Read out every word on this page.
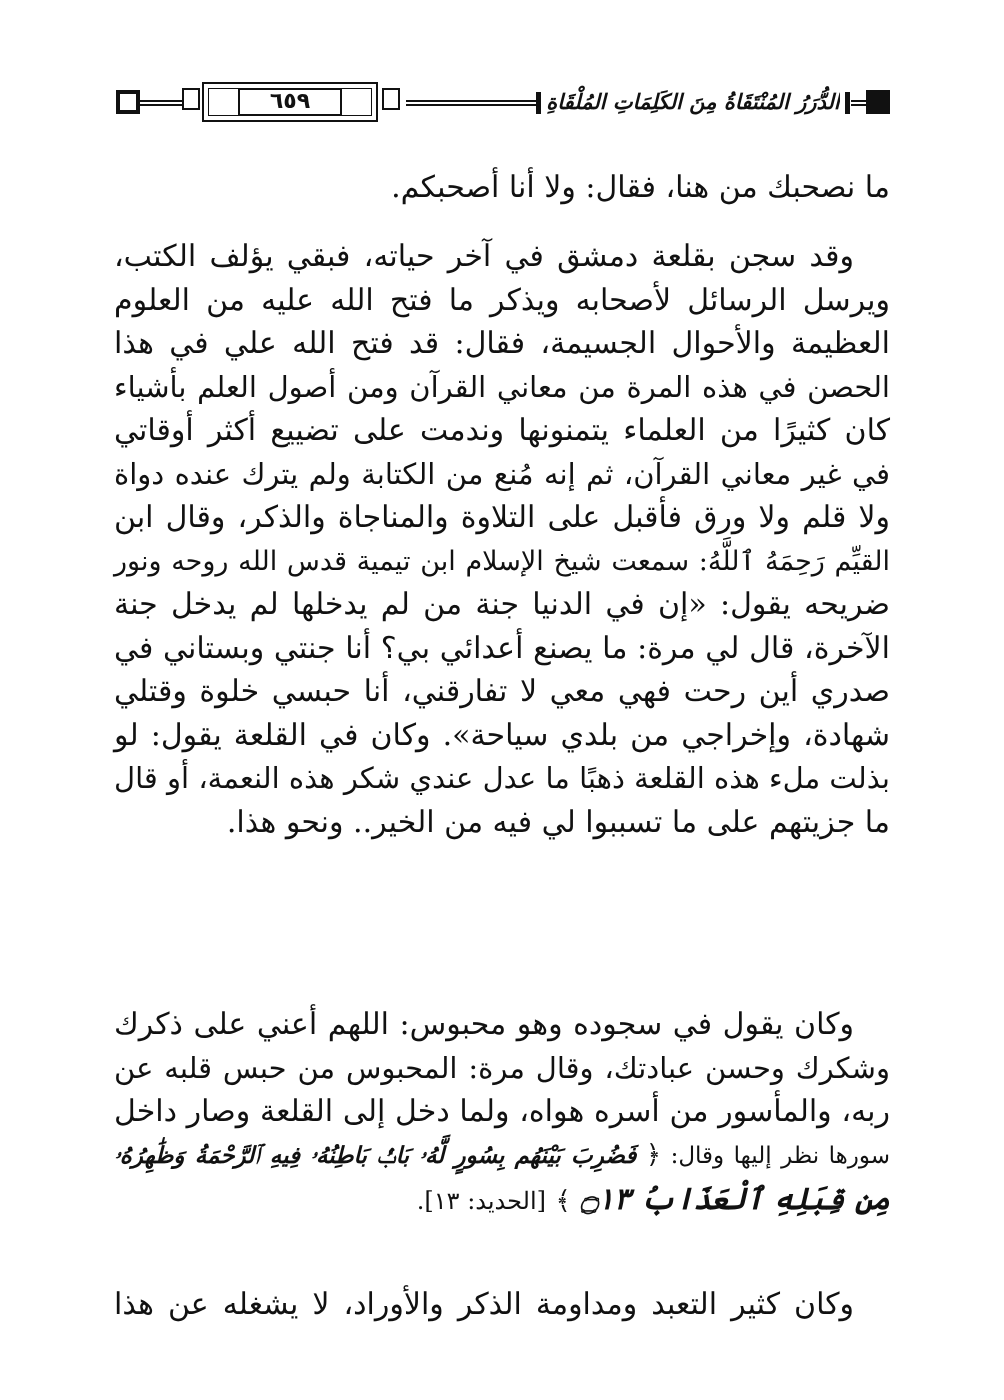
٦٥٩	الدُّرَرُ المُنْتَقَاةُ مِنَ الكَلِمَاتِ المُلْقَاةِ
ما نصحبك من هنا، فقال: ولا أنا أصحبكم.
وقد سجن بقلعة دمشق في آخر حياته، فبقي يؤلف الكتب،
ويرسل الرسائل لأصحابه ويذكر ما فتح الله عليه من العلوم
العظيمة والأحوال الجسيمة، فقال: قد فتح الله علي في هذا
الحصن في هذه المرة من معاني القرآن ومن أصول العلم بأشياء
كان كثيرًا من العلماء يتمنونها وندمت على تضييع أكثر أوقاتي
في غير معاني القرآن، ثم إنه مُنع من الكتابة ولم يترك عنده دواة
ولا قلم ولا ورق فأقبل على التلاوة والمناجاة والذكر، وقال ابن
القيِّم رَحِمَهُ ٱللَّهُ: سمعت شيخ الإسلام ابن تيمية قدس الله روحه ونور
ضريحه يقول: «إن في الدنيا جنة من لم يدخلها لم يدخل جنة
الآخرة، قال لي مرة: ما يصنع أعدائي بي؟ أنا جنتي وبستاني في
صدري أين رحت فهي معي لا تفارقني، أنا حبسي خلوة وقتلي
شهادة، وإخراجي من بلدي سياحة». وكان في القلعة يقول: لو
بذلت ملء هذه القلعة ذهبًا ما عدل عندي شكر هذه النعمة، أو قال
ما جزيتهم على ما تسببوا لي فيه من الخير.. ونحو هذا.
وكان يقول في سجوده وهو محبوس: اللهم أعني على ذكرك
وشكرك وحسن عبادتك، وقال مرة: المحبوس من حبس قلبه عن
ربه، والمأسور من أسره هواه، ولما دخل إلى القلعة وصار داخل
سورها نظر إليها وقال: ﴿ فَضُرِبَ بَيْنَهُم بِسُورٍ لَّهُۥ بَابُۢ بَاطِنُهُۥ فِيهِ ٱلرَّحْمَةُ وَظَٰهِرُهُۥ
مِن قِبَلِهِ ٱلْعَذَابُ ۝١٣ ﴾ [الحديد: ١٣].
وكان كثير التعبد ومداومة الذكر والأوراد، لا يشغله عن هذا
